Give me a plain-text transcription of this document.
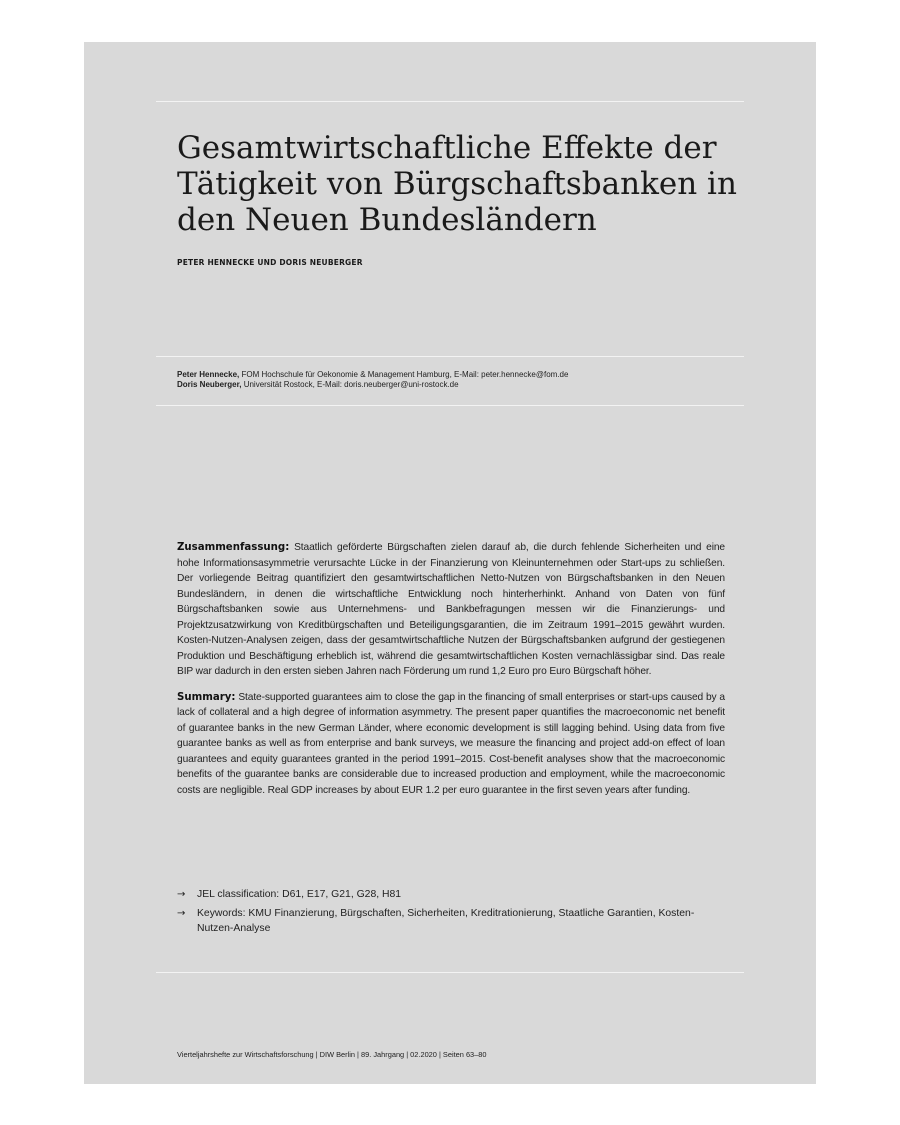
Gesamtwirtschaftliche Effekte der Tätigkeit von Bürgschaftsbanken in den Neuen Bundesländern
PETER HENNECKE UND DORIS NEUBERGER
Peter Hennecke, FOM Hochschule für Oekonomie & Management Hamburg, E-Mail: peter.hennecke@fom.de
Doris Neuberger, Universität Rostock, E-Mail: doris.neuberger@uni-rostock.de

Zusammenfassung: Staatlich geförderte Bürgschaften zielen darauf ab, die durch fehlende Sicherheiten und eine hohe Informationsasymmetrie verursachte Lücke in der Finanzierung von Kleinunternehmen oder Start-ups zu schließen. Der vorliegende Beitrag quantifiziert den gesamtwirtschaftlichen Netto-Nutzen von Bürgschaftsbanken in den Neuen Bundesländern, in denen die wirtschaftliche Entwicklung noch hinterherhinkt. Anhand von Daten von fünf Bürgschaftsbanken sowie aus Unternehmens- und Bankbefragungen messen wir die Finanzierungs- und Projektzusatzwirkung von Kreditbürgschaften und Beteiligungsgarantien, die im Zeitraum 1991–2015 gewährt wurden. Kosten-Nutzen-Analysen zeigen, dass der gesamtwirtschaftliche Nutzen der Bürgschaftsbanken aufgrund der gestiegenen Produktion und Beschäftigung erheblich ist, während die gesamtwirtschaftlichen Kosten vernachlässigbar sind. Das reale BIP war dadurch in den ersten sieben Jahren nach Förderung um rund 1,2 Euro pro Euro Bürgschaft höher.

Summary: State-supported guarantees aim to close the gap in the financing of small enterprises or start-ups caused by a lack of collateral and a high degree of information asymmetry. The present paper quantifies the macroeconomic net benefit of guarantee banks in the new German Länder, where economic development is still lagging behind. Using data from five guarantee banks as well as from enterprise and bank surveys, we measure the financing and project add-on effect of loan guarantees and equity guarantees granted in the period 1991–2015. Cost-benefit analyses show that the macroeconomic benefits of the guarantee banks are considerable due to increased production and employment, while the macroeconomic costs are negligible. Real GDP increases by about EUR 1.2 per euro guarantee in the first seven years after funding.

→ JEL classification: D61, E17, G21, G28, H81
→ Keywords: KMU Finanzierung, Bürgschaften, Sicherheiten, Kreditrationierung, Staatliche Garantien, Kosten-Nutzen-Analyse
Vierteljahrshefte zur Wirtschaftsforschung | DIW Berlin | 89. Jahrgang | 02.2020 | Seiten 63–80
